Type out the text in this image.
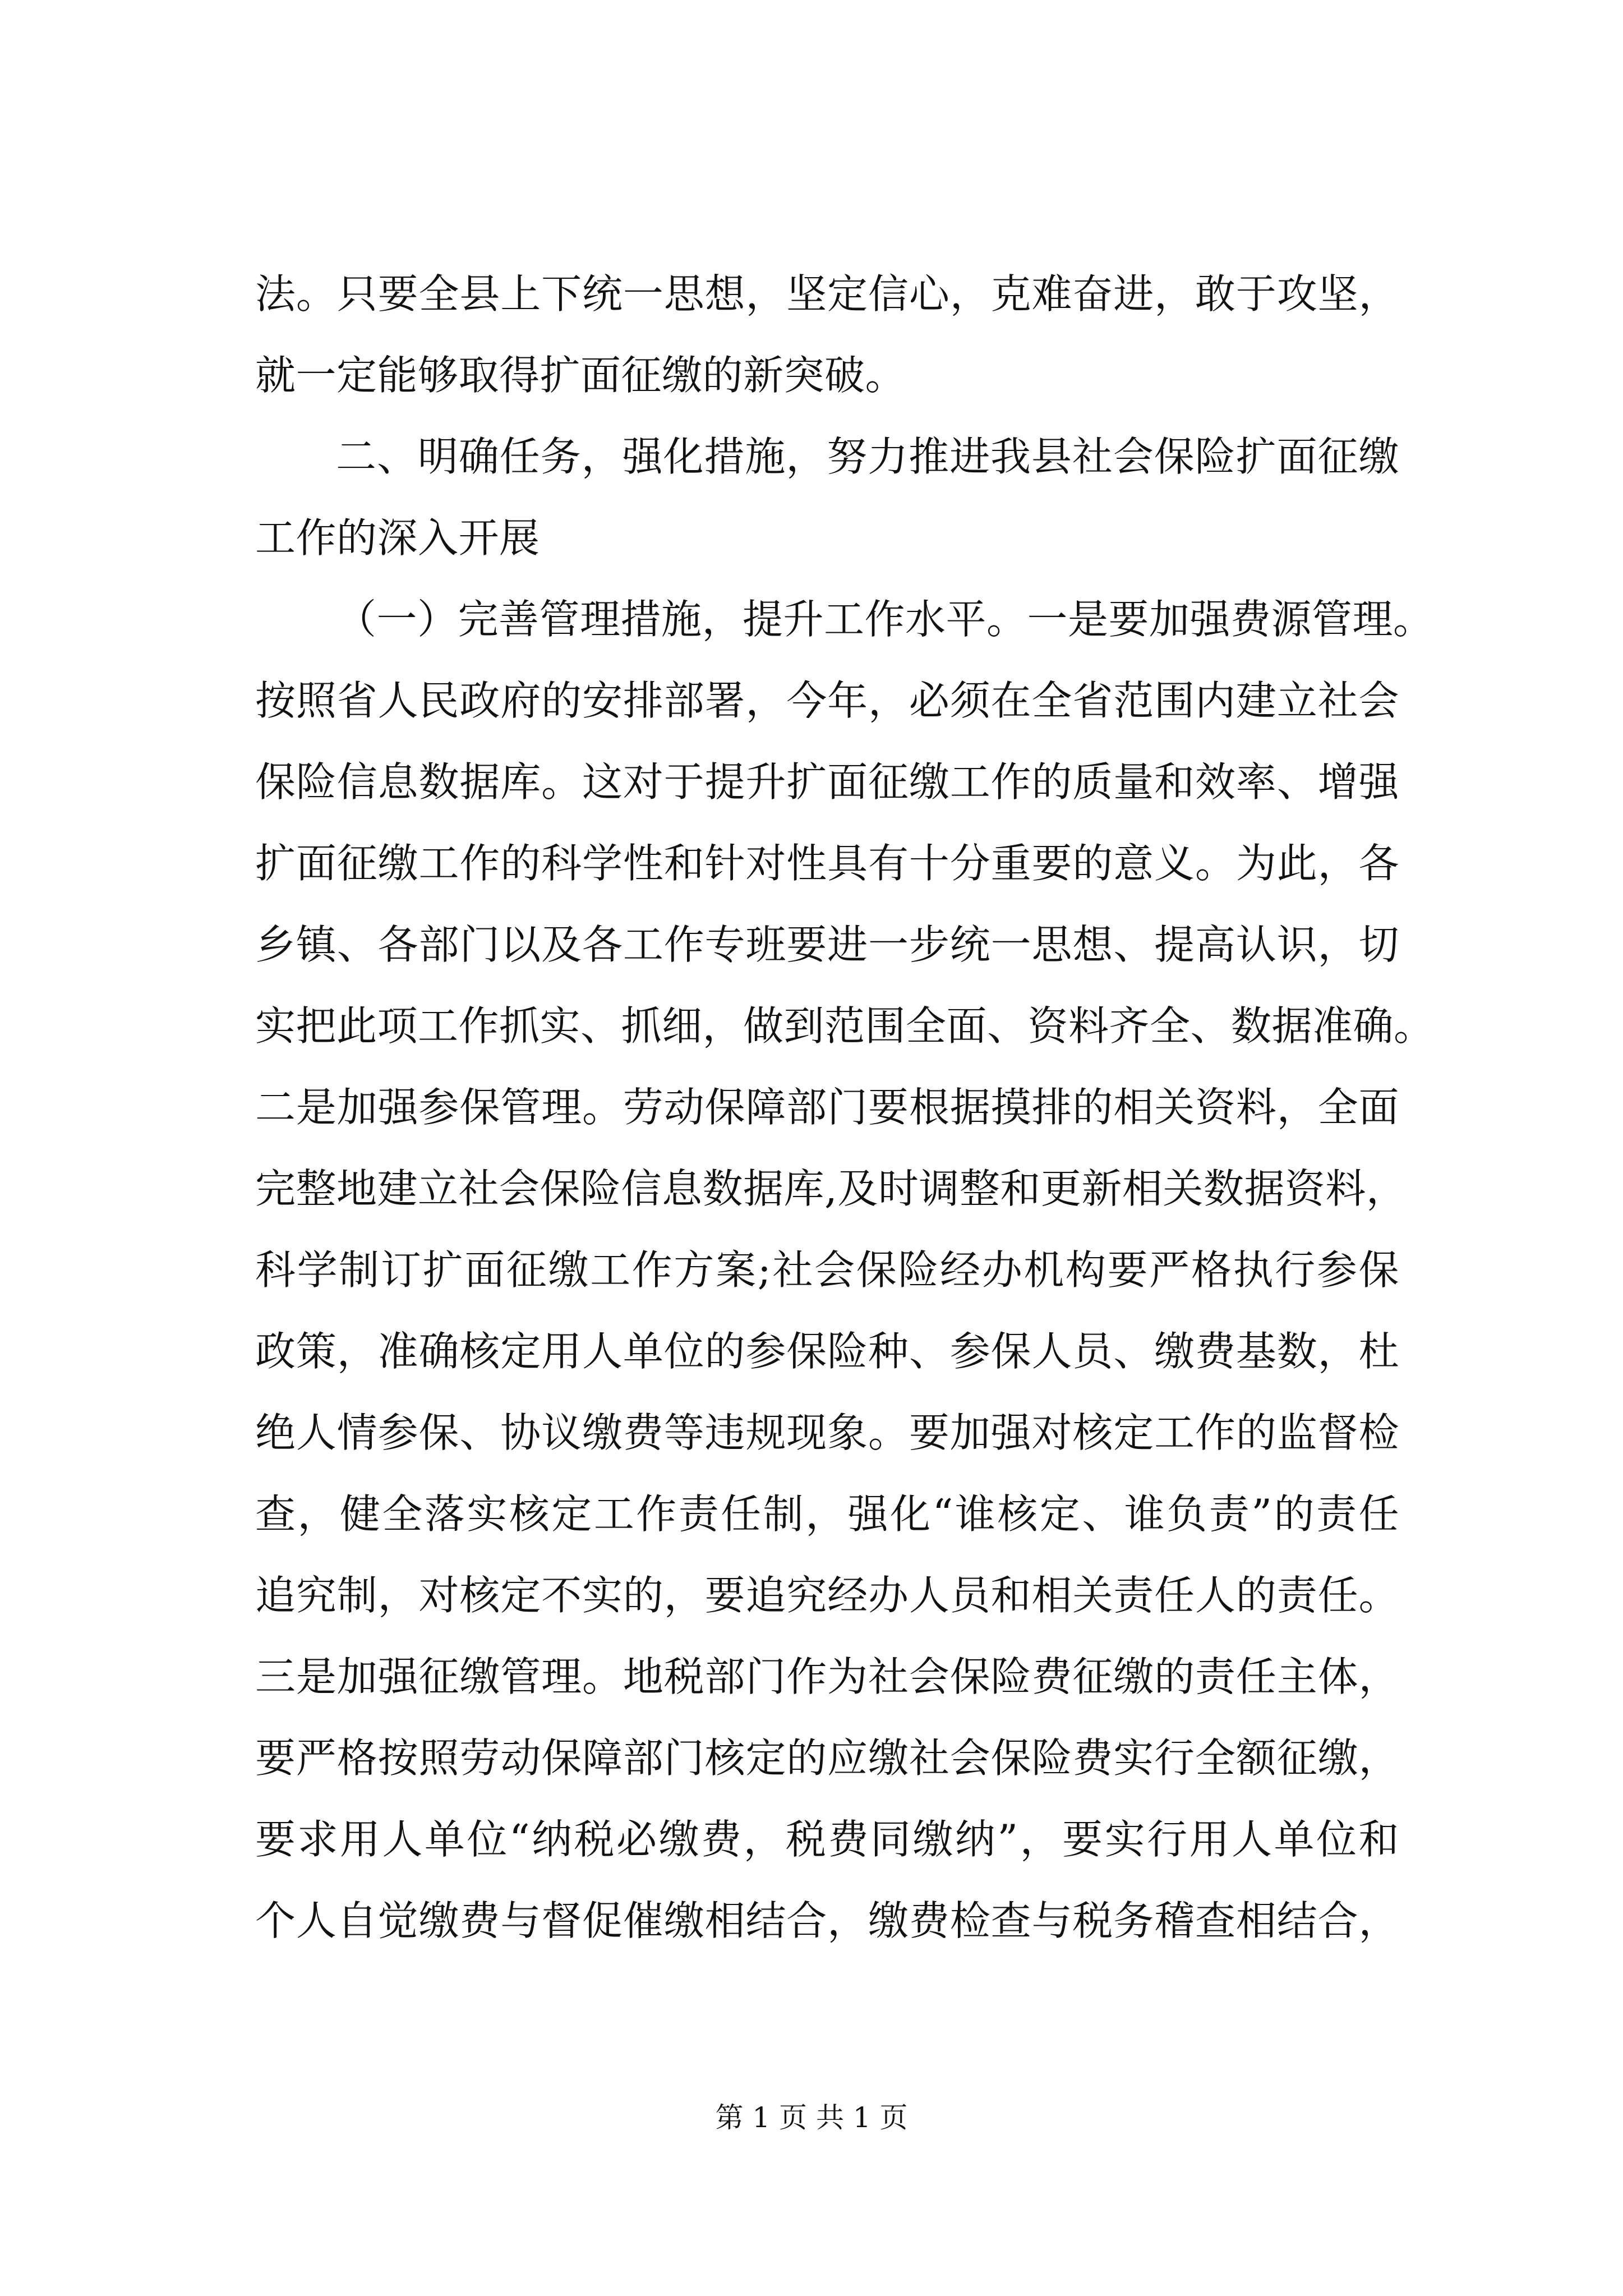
法。只要全县上下统一思想，坚定信心，克难奋进，敢于攻坚，
就一定能够取得扩面征缴的新突破。
二、明确任务，强化措施，努力推进我县社会保险扩面征缴
工作的深入开展
（一）完善管理措施，提升工作水平。一是要加强费源管理。
按照省人民政府的安排部署，今年，必须在全省范围内建立社会
保险信息数据库。这对于提升扩面征缴工作的质量和效率、增强
扩面征缴工作的科学性和针对性具有十分重要的意义。为此，各
乡镇、各部门以及各工作专班要进一步统一思想、提高认识，切
实把此项工作抓实、抓细，做到范围全面、资料齐全、数据准确。
二是加强参保管理。劳动保障部门要根据摸排的相关资料，全面
完整地建立社会保险信息数据库,及时调整和更新相关数据资料，
科学制订扩面征缴工作方案;社会保险经办机构要严格执行参保
政策，准确核定用人单位的参保险种、参保人员、缴费基数，杜
绝人情参保、协议缴费等违规现象。要加强对核定工作的监督检
查，健全落实核定工作责任制，强化“谁核定、谁负责”的责任
追究制，对核定不实的，要追究经办人员和相关责任人的责任。
三是加强征缴管理。地税部门作为社会保险费征缴的责任主体，
要严格按照劳动保障部门核定的应缴社会保险费实行全额征缴，
要求用人单位“纳税必缴费，税费同缴纳”，要实行用人单位和
个人自觉缴费与督促催缴相结合，缴费检查与税务稽查相结合，
第 1 页 共 1 页
